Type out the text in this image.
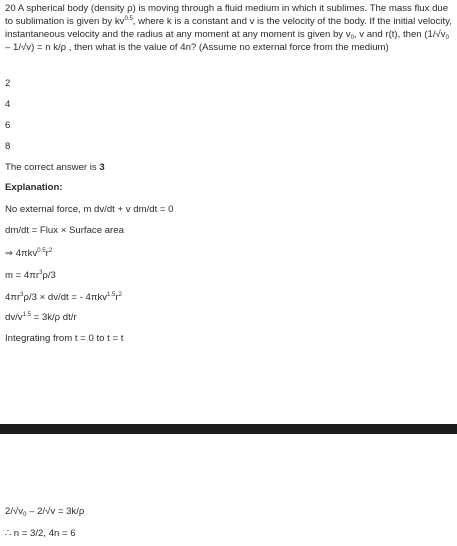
20 A spherical body (density ρ) is moving through a fluid medium in which it sublimes. The mass flux due to sublimation is given by $kv^{0.5}$, where k is a constant and v is the velocity of the body. If the initial velocity, instantaneous velocity and the radius at any moment at any moment is given by $v_0$, v and r(t), then $(1/√v_0 - 1/√v) = n$ k/ρ , then what is the value of 4n? (Assume no external force from the medium)
2
4
6
8
The correct answer is 3
Explanation:
No external force, m dv/dt + v dm/dt = 0
dm/dt = Flux × Surface area
⇒ $4\pi kv^{0.5}r^2$
$m = 4\pi r^3\rho/3$
$4\pi r^3\rho/3 \times dv/dt$ = - $4\pi kv^{1.5}r^2$
$dv/v^{1.5} = 3k/\rho$ dt/r
Integrating from t = 0 to t = t
$2/√v_0 - 2/√v = 3k/\rho$
∴ n = 3/2, 4n = 6
